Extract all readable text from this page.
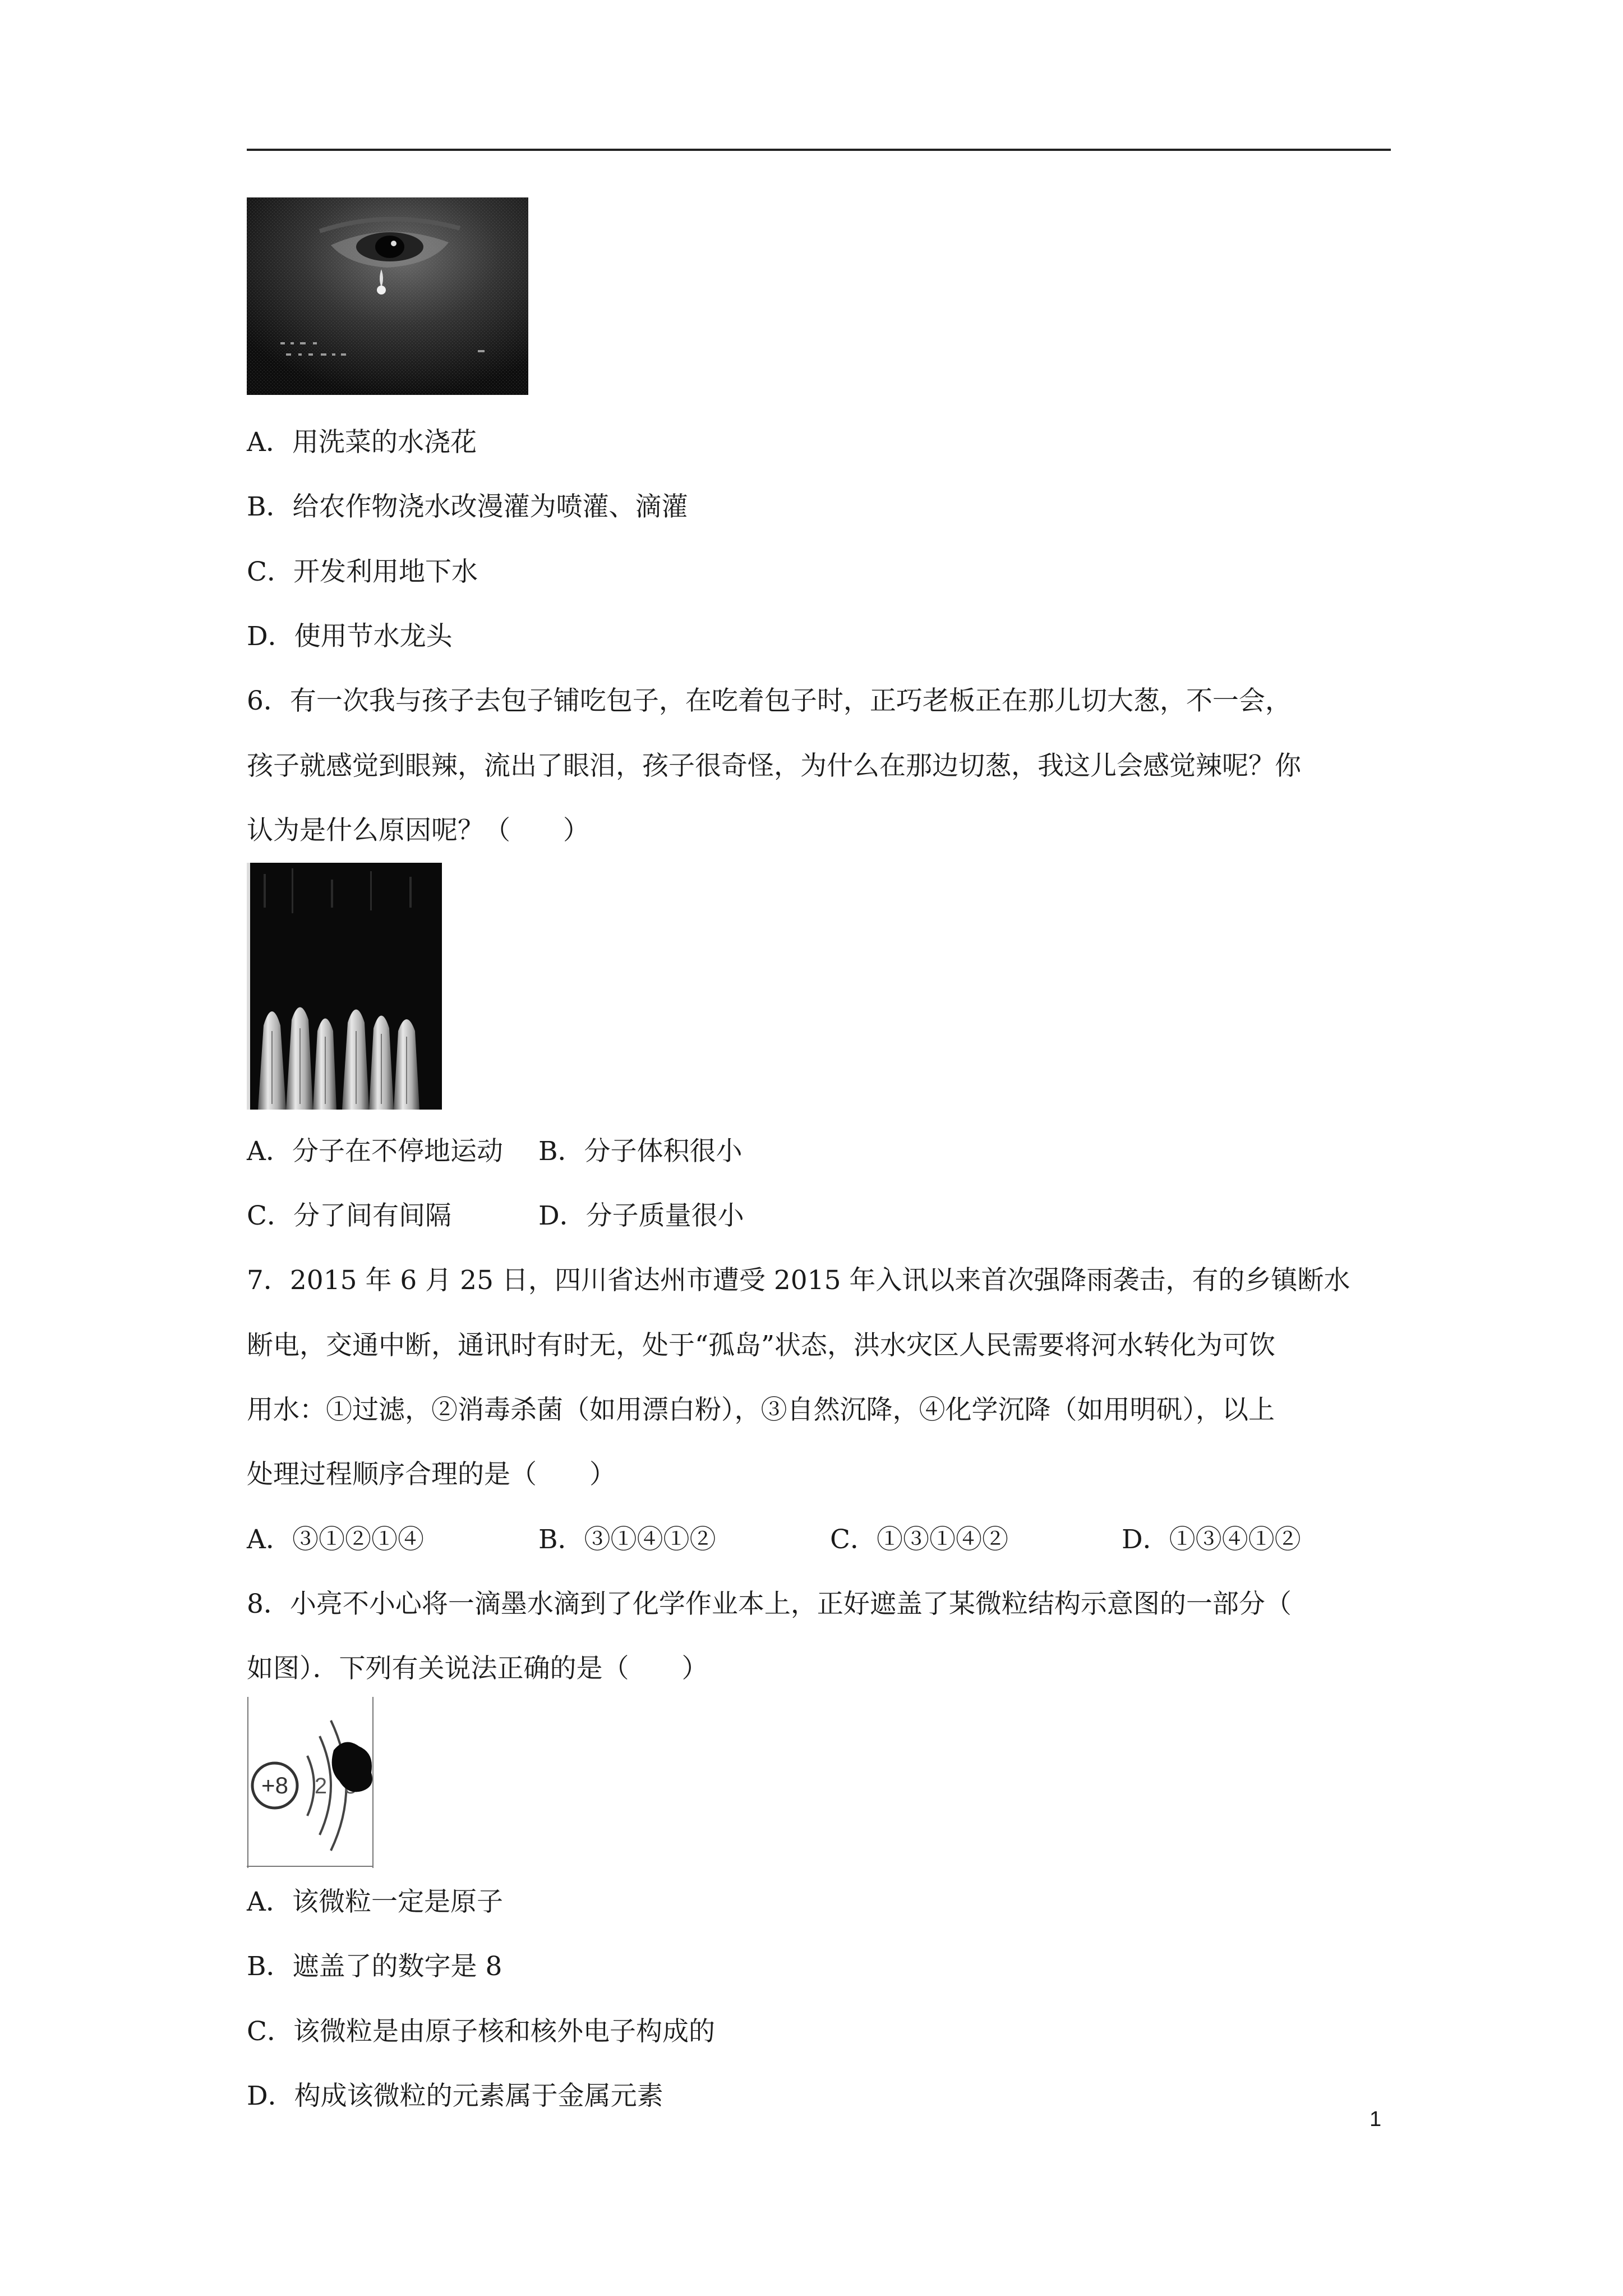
A．用洗菜的水浇花
B．给农作物浇水改漫灌为喷灌、滴灌
C．开发利用地下水
D．使用节水龙头
6．有一次我与孩子去包子铺吃包子，在吃着包子时，正巧老板正在那儿切大葱，不一会，
孩子就感觉到眼辣，流出了眼泪，孩子很奇怪，为什么在那边切葱，我这儿会感觉辣呢？你
认为是什么原因呢？（　　）
A．分子在不停地运动 B．分子体积很小
C．分了间有间隔	D．分子质量很小
7．2015 年 6 月 25 日，四川省达州市遭受 2015 年入讯以来首次强降雨袭击，有的乡镇断水
断电，交通中断，通讯时有时无，处于“孤岛”状态，洪水灾区人民需要将河水转化为可饮
用水：①过滤，②消毒杀菌（如用漂白粉），③自然沉降，④化学沉降（如用明矾），以上
处理过程顺序合理的是（　　）
A．③①②①④	B．③①④①②	C．①③①④②	D．①③④①②
8．小亮不小心将一滴墨水滴到了化学作业本上，正好遮盖了某微粒结构示意图的一部分（
如图）．下列有关说法正确的是（　　）
+8 2
A．该微粒一定是原子
B．遮盖了的数字是 8
C．该微粒是由原子核和核外电子构成的
D．构成该微粒的元素属于金属元素
1
